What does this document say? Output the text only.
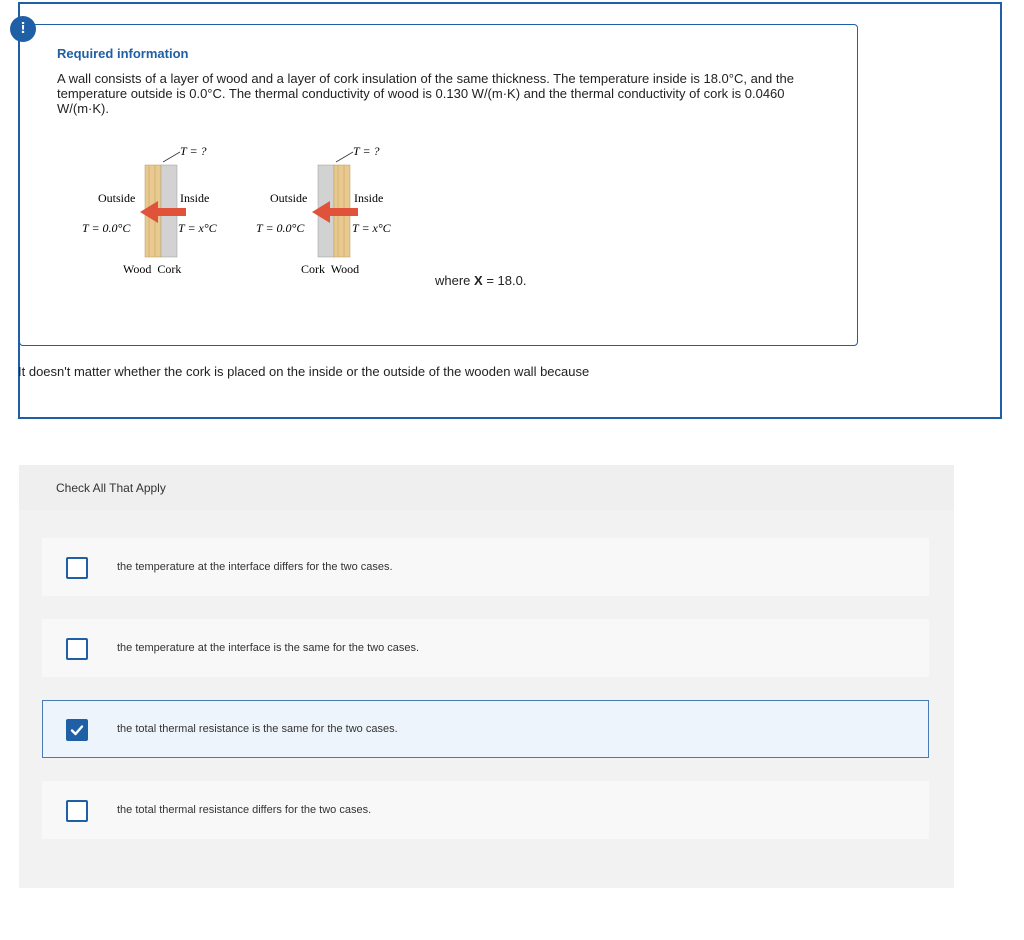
!
Required information
A wall consists of a layer of wood and a layer of cork insulation of the same thickness. The temperature inside is 18.0°C, and the temperature outside is 0.0°C. The thermal conductivity of wood is 0.130 W/(m·K) and the thermal conductivity of cork is 0.0460 W/(m·K).
T = ?
Outside	Inside
T = 0.0°C	T = x°C
Wood  Cork
T = ?
Outside	Inside
T = 0.0°C	T = x°C
Cork  Wood
where X = 18.0.
It doesn't matter whether the cork is placed on the inside or the outside of the wooden wall because
Check All That Apply
the temperature at the interface differs for the two cases.
the temperature at the interface is the same for the two cases.
the total thermal resistance is the same for the two cases.
the total thermal resistance differs for the two cases.
